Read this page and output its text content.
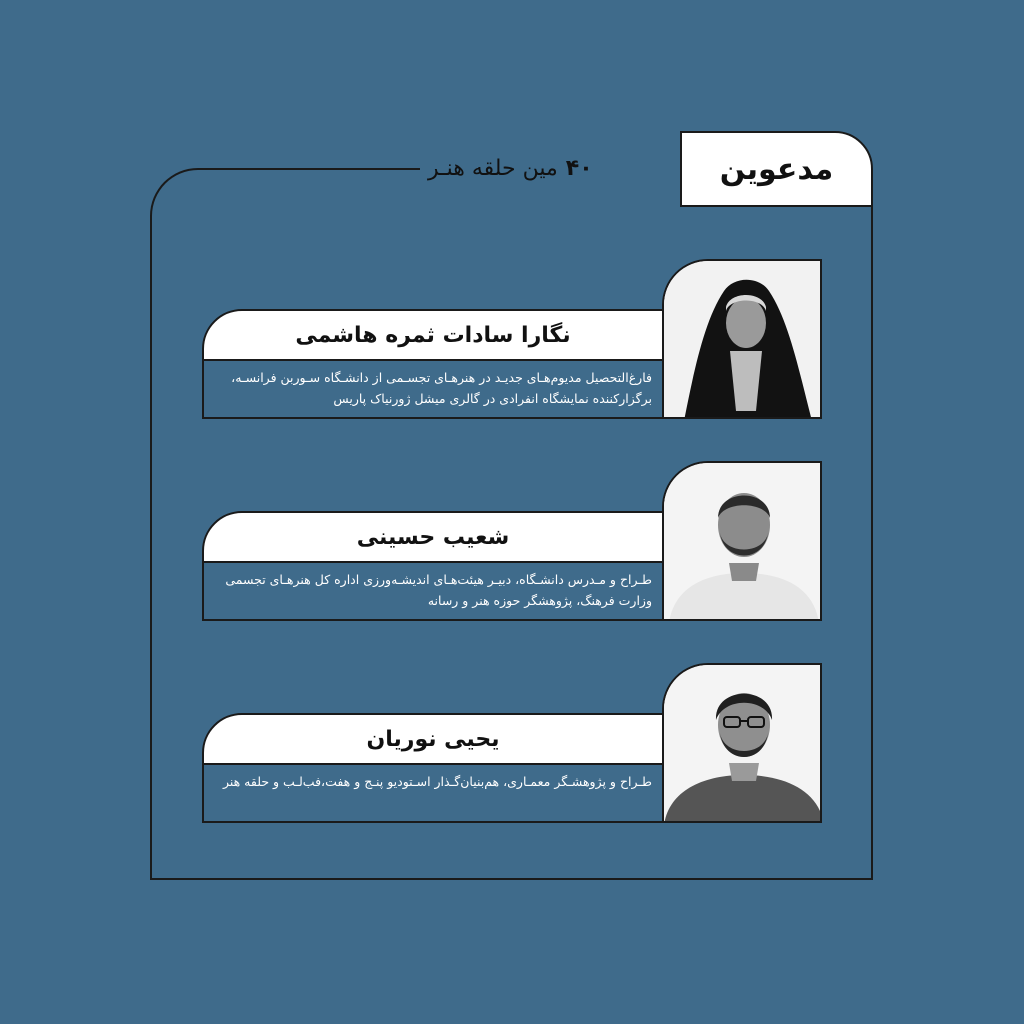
مدعوین
۴۰
مین حلقه هنـر
نگارا سادات ثمره هاشمی
فارغ‌التحصیل مدیوم‌هـای جدیـد در هنرهـای تجسـمی از دانشـگاه سـوربن فرانسـه، برگزارکننده نمایشگاه انفرادی در گالری میشل ژورنیاک پاریس
شعیب حسینی
طـراح و مـدرس دانشـگاه، دبیـر هیئت‌هـای اندیشـه‌ورزی اداره کل هنرهـای تجسمی وزارت فرهنگ، پژوهشگر حوزه هنر و رسانه
یحیی نوریان
طـراح و پژوهشـگر معمـاری، هم‌بنیان‌گـذار اسـتودیو پنـج و هفت،فب‌لـب و حلقه هنر
